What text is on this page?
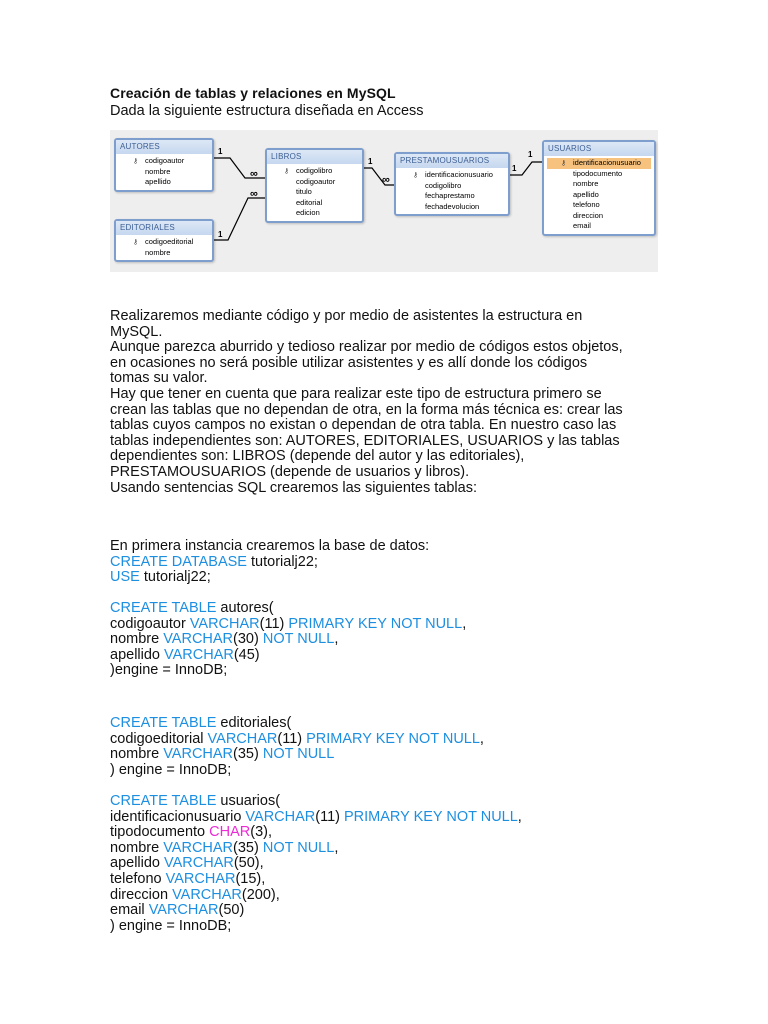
Creación de tablas y relaciones en MySQL
Dada la siguiente estructura diseñada en Access
AUTORES
⚷ codigoautor
nombre
apellido
EDITORIALES
⚷ codigoeditorial
nombre
LIBROS
⚷ codigolibro
codigoautor
titulo
editorial
edicion
PRESTAMOUSUARIOS
⚷ identificacionusuario
codigolibro
fechaprestamo
fechadevolucion
USUARIOS
⚷ identificacionusuario
tipodocumento
nombre
apellido
telefono
direccion
email
1
∞
1
∞
1
∞
1
1
Realizaremos mediante código y por medio de asistentes la estructura en
MySQL.
Aunque parezca aburrido y tedioso realizar por medio de códigos estos objetos,
en ocasiones no será posible utilizar asistentes y es allí donde los códigos
tomas su valor.
Hay que tener en cuenta que para realizar este tipo de estructura primero se
crean las tablas que no dependan de otra, en la forma más técnica es: crear las
tablas cuyos campos no existan o dependan de otra tabla. En nuestro caso las
tablas independientes son: AUTORES, EDITORIALES, USUARIOS y las tablas
dependientes son: LIBROS (depende del autor y las editoriales),
PRESTAMOUSUARIOS (depende de usuarios y libros).
Usando sentencias SQL crearemos las siguientes tablas:
En primera instancia crearemos la base de datos:
CREATE DATABASE tutorialj22;
USE tutorialj22;
CREATE TABLE autores(
codigoautor VARCHAR(11) PRIMARY KEY NOT NULL,
nombre VARCHAR(30) NOT NULL,
apellido VARCHAR(45)
)engine = InnoDB;
CREATE TABLE editoriales(
codigoeditorial VARCHAR(11) PRIMARY KEY NOT NULL,
nombre VARCHAR(35) NOT NULL
) engine = InnoDB;
CREATE TABLE usuarios(
identificacionusuario VARCHAR(11) PRIMARY KEY NOT NULL,
tipodocumento CHAR(3),
nombre VARCHAR(35) NOT NULL,
apellido VARCHAR(50),
telefono VARCHAR(15),
direccion VARCHAR(200),
email VARCHAR(50)
) engine = InnoDB;
